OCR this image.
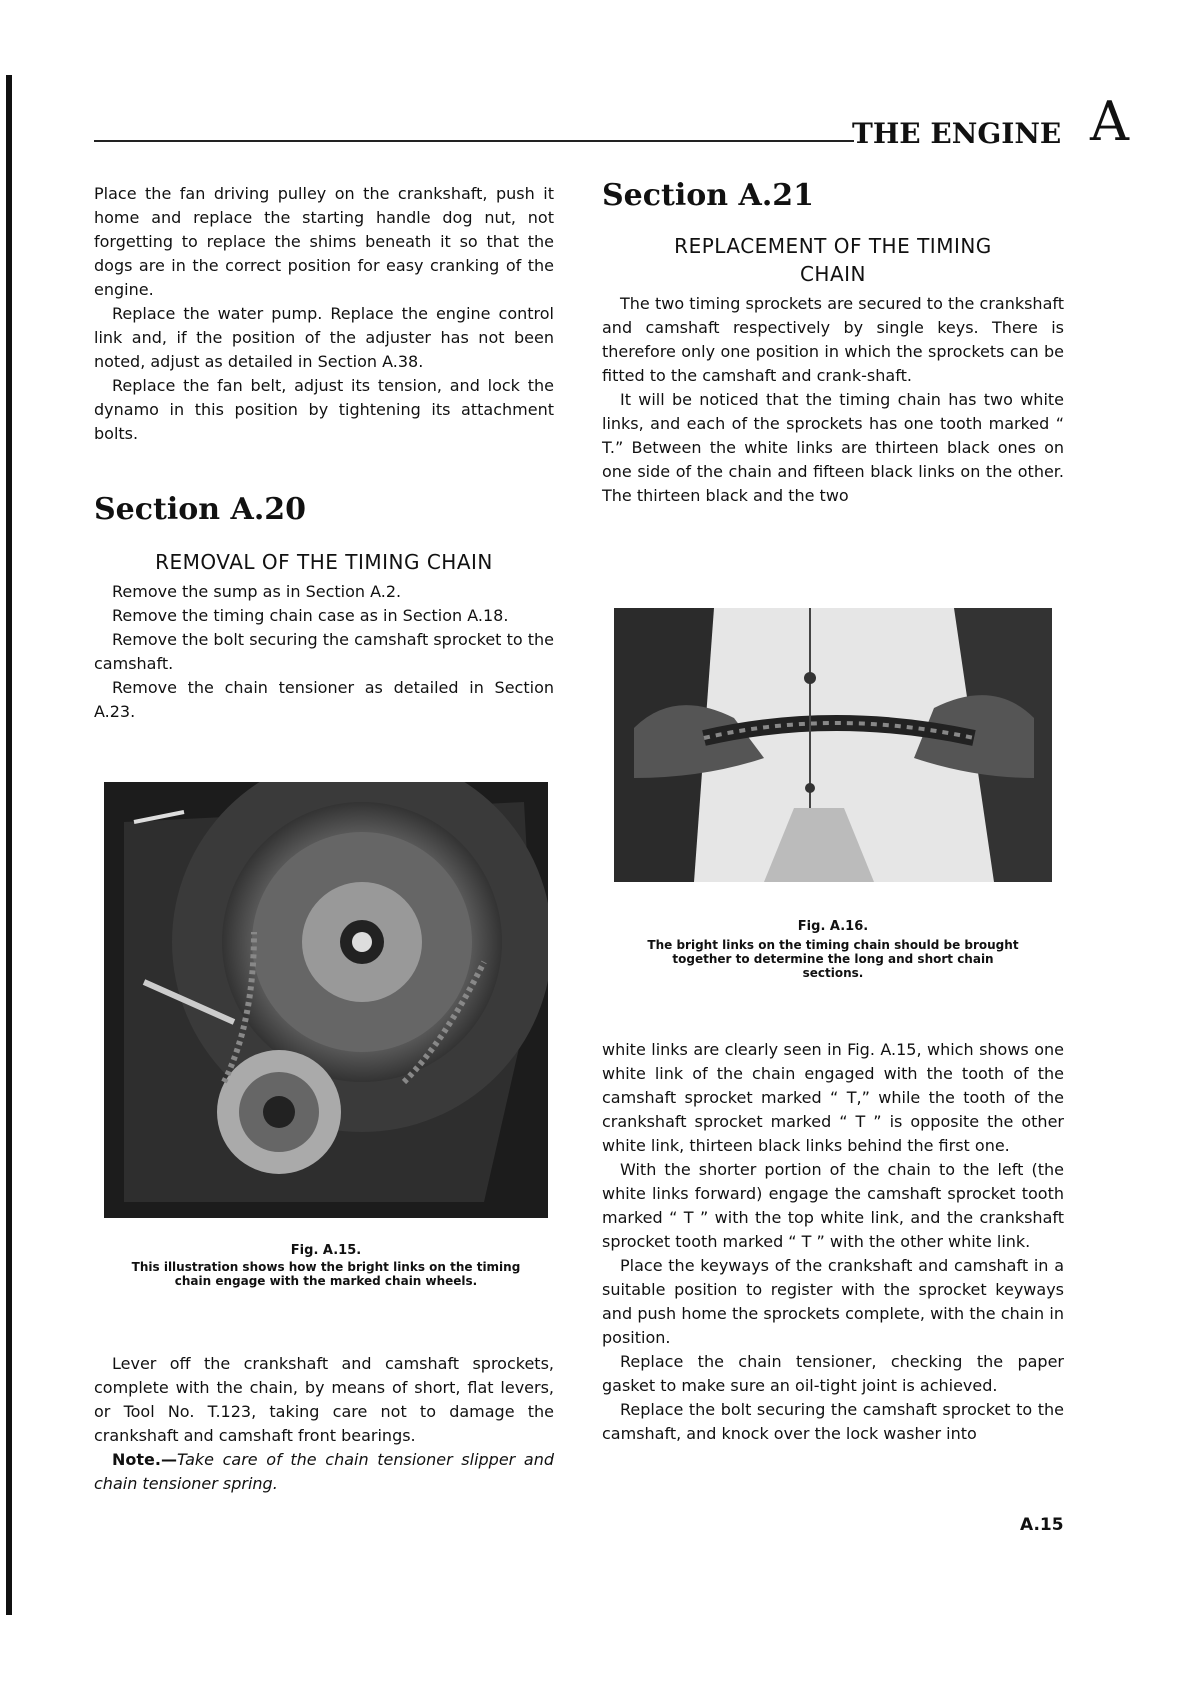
THE ENGINE A

Place the fan driving pulley on the crankshaft, push it home and replace the starting handle dog nut, not forgetting to replace the shims beneath it so that the dogs are in the correct position for easy cranking of the engine.

Replace the water pump. Replace the engine control link and, if the position of the adjuster has not been noted, adjust as detailed in Section A.38.

Replace the fan belt, adjust its tension, and lock the dynamo in this position by tightening its attachment bolts.

Section A.20
REMOVAL OF THE TIMING CHAIN

Remove the sump as in Section A.2.

Remove the timing chain case as in Section A.18.

Remove the bolt securing the camshaft sprocket to the camshaft.

Remove the chain tensioner as detailed in Section A.23.

Fig. A.15.
This illustration shows how the bright links on the timing chain engage with the marked chain wheels.

Lever off the crankshaft and camshaft sprockets, complete with the chain, by means of short, flat levers, or Tool No. T.123, taking care not to damage the crankshaft and camshaft front bearings.

Note.—Take care of the chain tensioner slipper and chain tensioner spring.

Section A.21
REPLACEMENT OF THE TIMING
CHAIN

The two timing sprockets are secured to the crankshaft and camshaft respectively by single keys. There is therefore only one position in which the sprockets can be fitted to the camshaft and crank-shaft.

It will be noticed that the timing chain has two white links, and each of the sprockets has one tooth marked “ T.” Between the white links are thirteen black ones on one side of the chain and fifteen black links on the other. The thirteen black and the two

Fig. A.16.
The bright links on the timing chain should be brought together to determine the long and short chain sections.

white links are clearly seen in Fig. A.15, which shows one white link of the chain engaged with the tooth of the camshaft sprocket marked “ T,” while the tooth of the crankshaft sprocket marked “ T ” is opposite the other white link, thirteen black links behind the first one.

With the shorter portion of the chain to the left (the white links forward) engage the camshaft sprocket tooth marked “ T ” with the top white link, and the crankshaft sprocket tooth marked “ T ” with the other white link.

Place the keyways of the crankshaft and camshaft in a suitable position to register with the sprocket keyways and push home the sprockets complete, with the chain in position.

Replace the chain tensioner, checking the paper gasket to make sure an oil-tight joint is achieved.

Replace the bolt securing the camshaft sprocket to the camshaft, and knock over the lock washer into

A.15
